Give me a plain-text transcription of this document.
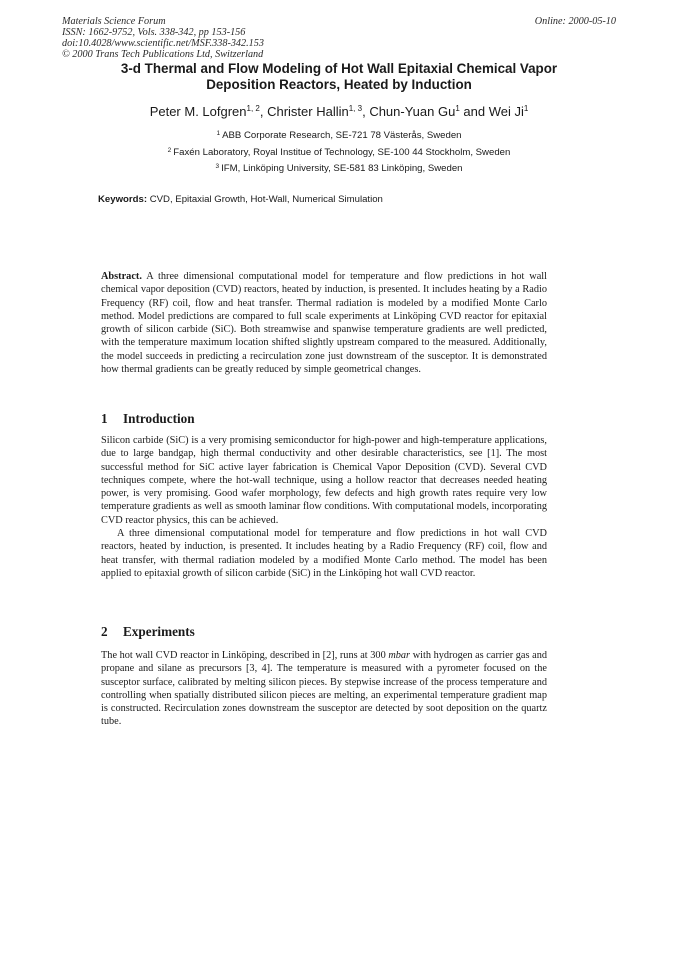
Materials Science Forum
ISSN: 1662-9752, Vols. 338-342, pp 153-156
doi:10.4028/www.scientific.net/MSF.338-342.153
© 2000 Trans Tech Publications Ltd, Switzerland
Online: 2000-05-10
3-d Thermal and Flow Modeling of Hot Wall Epitaxial Chemical Vapor
Deposition Reactors, Heated by Induction
Peter M. Lofgren$^{1, 2}$, Christer Hallin$^{1, 3}$, Chun-Yuan Gu$^1$ and Wei Ji$^1$
$^1$ ABB Corporate Research, SE-721 78 Västerås, Sweden
$^2$ Faxén Laboratory, Royal Institue of Technology, SE-100 44 Stockholm, Sweden
$^3$ IFM, Linköping University, SE-581 83 Linköping, Sweden
Keywords: CVD, Epitaxial Growth, Hot-Wall, Numerical Simulation
Abstract. A three dimensional computational model for temperature and flow predictions in hot wall chemical vapor deposition (CVD) reactors, heated by induction, is presented. It includes heating by a Radio Frequency (RF) coil, flow and heat transfer. Thermal radiation is modeled by a modified Monte Carlo method. Model predictions are compared to full scale experiments at Linköping CVD reactor for epitaxial growth of silicon carbide (SiC). Both streamwise and spanwise temperature gradients are well predicted, with the temperature maximum location shifted slightly upstream compared to the measured. Additionally, the model succeeds in predicting a recirculation zone just downstream of the susceptor. It is demonstrated how thermal gradients can be greatly reduced by simple geometrical changes.
1 Introduction

Silicon carbide (SiC) is a very promising semiconductor for high-power and high-temperature applications, due to large bandgap, high thermal conductivity and other desirable characteristics, see [1]. The most successful method for SiC active layer fabrication is Chemical Vapor Deposition (CVD). Several CVD techniques compete, where the hot-wall technique, using a hollow reactor that decreases needed heating power, is very promising. Good wafer morphology, few defects and high growth rates require very low temperature gradients as well as smooth laminar flow conditions. With computational models, incorporating CVD reactor physics, this can be achieved.

A three dimensional computational model for temperature and flow predictions in hot wall CVD reactors, heated by induction, is presented. It includes heating by a Radio Frequency (RF) coil, flow and heat transfer, with thermal radiation modeled by a modified Monte Carlo method. The model has been applied to epitaxial growth of silicon carbide (SiC) in the Linköping hot wall CVD reactor.

2 Experiments
The hot wall CVD reactor in Linköping, described in [2], runs at 300 mbar with hydrogen as carrier gas and propane and silane as precursors [3, 4]. The temperature is measured with a pyrometer focused on the susceptor surface, calibrated by melting silicon pieces. By stepwise increase of the process temperature and controlling when spatially distributed silicon pieces are melting, an experimental temperature gradient map is constructed. Recirculation zones downstream the susceptor are detected by soot deposition on the quartz tube.
